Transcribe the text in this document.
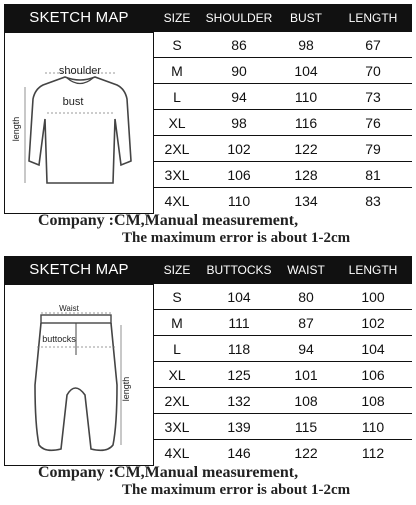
SKETCH MAP	SIZE	SHOULDER	BUST	LENGTH
shoulder
bust
length
S	86	98	67
M	90	104	70
L	94	110	73
XL	98	116	76
2XL	102	122	79
3XL	106	128	81
4XL	110	134	83
Company :CM,Manual measurement,
The maximum error is about 1-2cm
SKETCH MAP	SIZE	BUTTOCKS	WAIST	LENGTH
Waist
buttocks
length
S	104	80	100
M	111	87	102
L	118	94	104
XL	125	101	106
2XL	132	108	108
3XL	139	115	110
4XL	146	122	112
Company :CM,Manual measurement,
The maximum error is about 1-2cm
